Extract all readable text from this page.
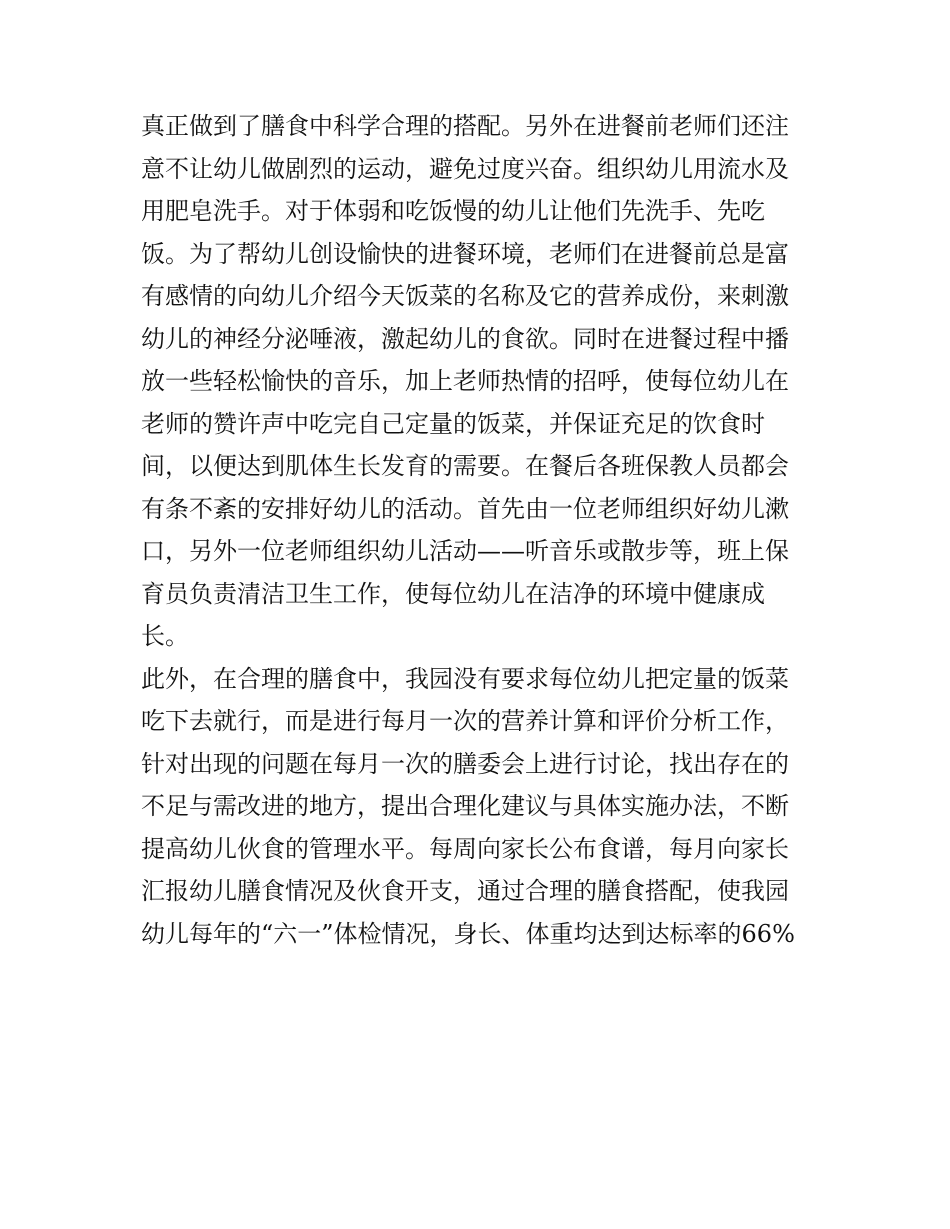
真正做到了膳食中科学合理的搭配。另外在进餐前老师们还注
意不让幼儿做剧烈的运动，避免过度兴奋。组织幼儿用流水及
用肥皂洗手。对于体弱和吃饭慢的幼儿让他们先洗手、先吃
饭。为了帮幼儿创设愉快的进餐环境，老师们在进餐前总是富
有感情的向幼儿介绍今天饭菜的名称及它的营养成份，来刺激
幼儿的神经分泌唾液，激起幼儿的食欲。同时在进餐过程中播
放一些轻松愉快的音乐，加上老师热情的招呼，使每位幼儿在
老师的赞许声中吃完自己定量的饭菜，并保证充足的饮食时
间，以便达到肌体生长发育的需要。在餐后各班保教人员都会
有条不紊的安排好幼儿的活动。首先由一位老师组织好幼儿漱
口，另外一位老师组织幼儿活动——听音乐或散步等，班上保
育员负责清洁卫生工作，使每位幼儿在洁净的环境中健康成
长。
此外，在合理的膳食中，我园没有要求每位幼儿把定量的饭菜
吃下去就行，而是进行每月一次的营养计算和评价分析工作，
针对出现的问题在每月一次的膳委会上进行讨论，找出存在的
不足与需改进的地方，提出合理化建议与具体实施办法，不断
提高幼儿伙食的管理水平。每周向家长公布食谱，每月向家长
汇报幼儿膳食情况及伙食开支，通过合理的膳食搭配，使我园
幼儿每年的“六一”体检情况，身长、体重均达到达标率的66%
